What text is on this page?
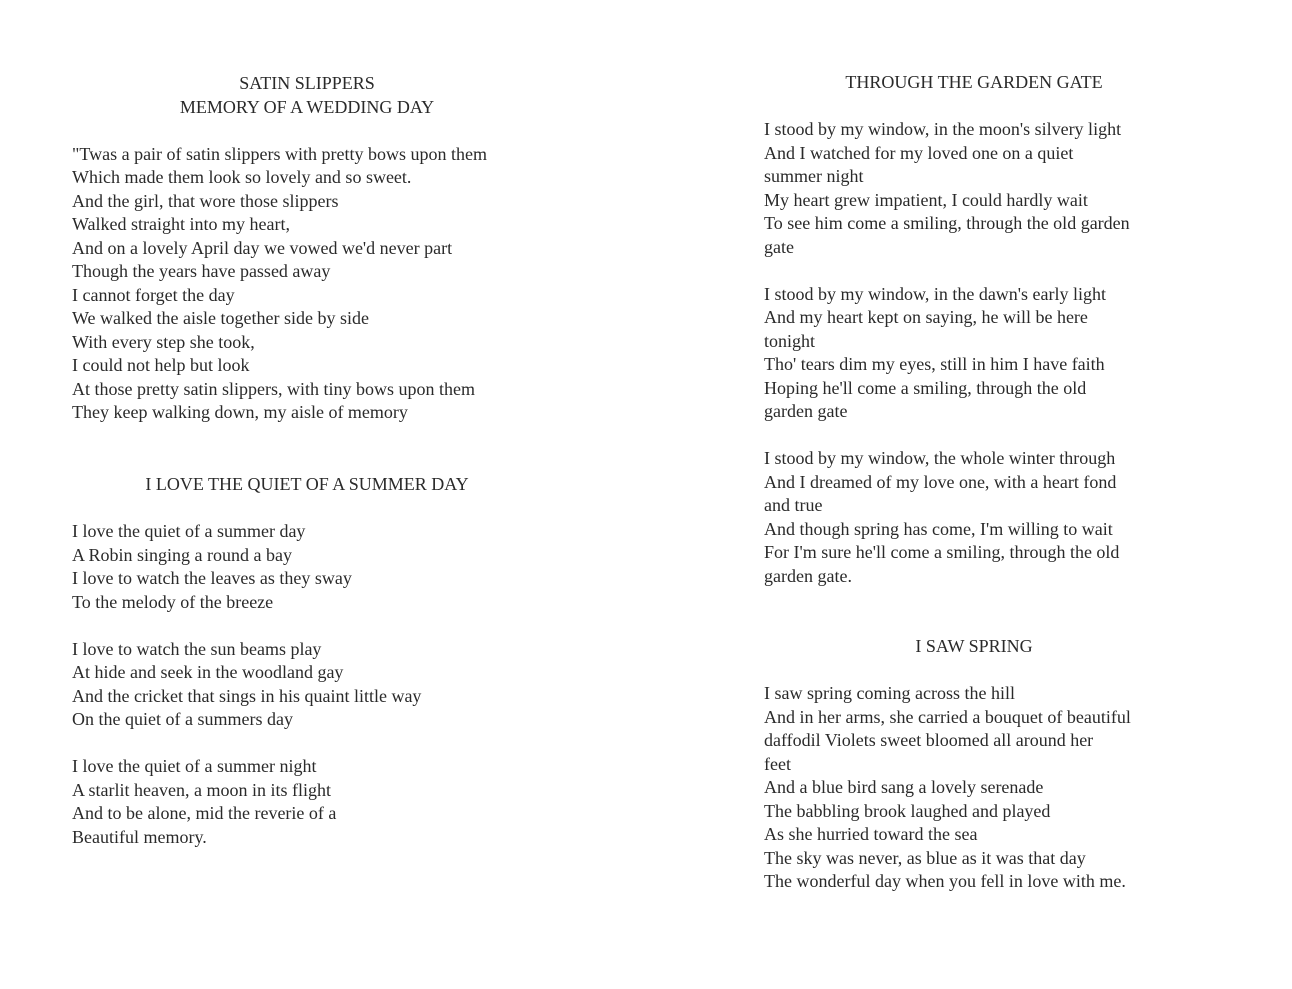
SATIN SLIPPERS
MEMORY OF A WEDDING DAY
"Twas a pair of satin slippers with pretty bows upon them
Which made them look so lovely and so sweet.
And the girl, that wore those slippers
Walked straight into my heart,
And on a lovely April day we vowed we'd never part
Though the years have passed away
I cannot forget the day
We walked the aisle together side by side
With every step she took,
I could not help but look
At those pretty satin slippers, with tiny bows upon them
They keep walking down, my aisle of memory
I LOVE THE QUIET OF A SUMMER DAY
I love the quiet of a summer day
A Robin singing a round a bay
I love to watch the leaves as they sway
To the melody of the breeze
I love to watch the sun beams play
At hide and seek in the woodland gay
And the cricket that sings in his quaint little way
On the quiet of a summers day
I love the quiet of a summer night
A starlit heaven, a moon in its flight
And to be alone, mid the reverie of a
Beautiful memory.
THROUGH THE GARDEN GATE
I stood by my window, in the moon's silvery light
And I watched for my loved one on a quiet
summer night
My heart grew impatient, I could hardly wait
To see him come a smiling, through the old garden
gate
I stood by my window, in the dawn's early light
And my heart kept on saying, he will be here
tonight
Tho' tears dim my eyes, still in him I have faith
Hoping he'll come a smiling, through the old
garden gate
I stood by my window, the whole winter through
And I dreamed of my love one, with a heart fond
and true
And though spring has come, I'm willing to wait
For I'm sure he'll come a smiling, through the old
garden gate.
I SAW SPRING
I saw spring coming across the hill
And in her arms, she carried a bouquet of beautiful
daffodil Violets sweet bloomed all around her
feet
And a blue bird sang a lovely serenade
The babbling brook laughed and played
As she hurried toward the sea
The sky was never, as blue as it was that day
The wonderful day when you fell in love with me.
